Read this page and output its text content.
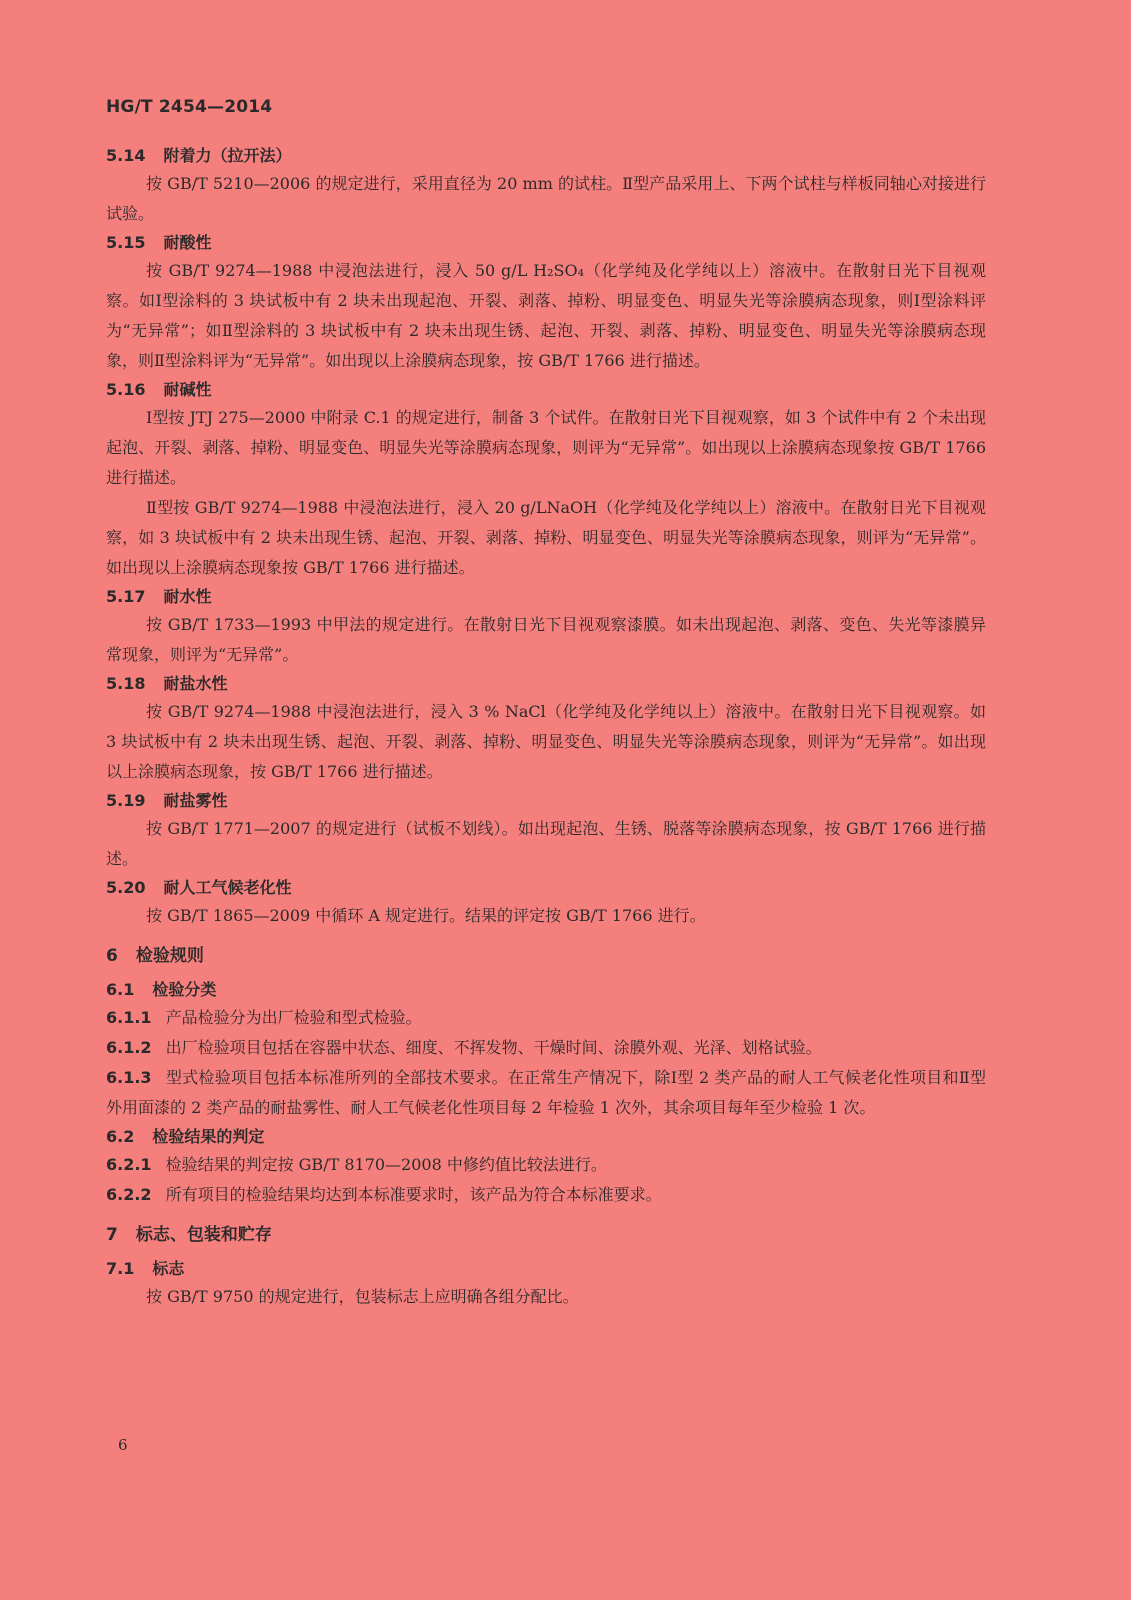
HG/T 2454—2014
5.14 附着力（拉开法）

按 GB/T 5210—2006 的规定进行，采用直径为 20 mm 的试柱。Ⅱ型产品采用上、下两个试柱与样板同轴心对接进行试验。

5.15 耐酸性

按 GB/T 9274—1988 中浸泡法进行，浸入 50 g/L H₂SO₄（化学纯及化学纯以上）溶液中。在散射日光下目视观察。如Ⅰ型涂料的 3 块试板中有 2 块未出现起泡、开裂、剥落、掉粉、明显变色、明显失光等涂膜病态现象，则Ⅰ型涂料评为“无异常”；如Ⅱ型涂料的 3 块试板中有 2 块未出现生锈、起泡、开裂、剥落、掉粉、明显变色、明显失光等涂膜病态现象，则Ⅱ型涂料评为“无异常”。如出现以上涂膜病态现象，按 GB/T 1766 进行描述。

5.16 耐碱性

Ⅰ型按 JTJ 275—2000 中附录 C.1 的规定进行，制备 3 个试件。在散射日光下目视观察，如 3 个试件中有 2 个未出现起泡、开裂、剥落、掉粉、明显变色、明显失光等涂膜病态现象，则评为“无异常”。如出现以上涂膜病态现象按 GB/T 1766 进行描述。

Ⅱ型按 GB/T 9274—1988 中浸泡法进行，浸入 20 g/LNaOH（化学纯及化学纯以上）溶液中。在散射日光下目视观察，如 3 块试板中有 2 块未出现生锈、起泡、开裂、剥落、掉粉、明显变色、明显失光等涂膜病态现象，则评为“无异常”。如出现以上涂膜病态现象按 GB/T 1766 进行描述。

5.17 耐水性

按 GB/T 1733—1993 中甲法的规定进行。在散射日光下目视观察漆膜。如未出现起泡、剥落、变色、失光等漆膜异常现象，则评为“无异常”。

5.18 耐盐水性

按 GB/T 9274—1988 中浸泡法进行，浸入 3 % NaCl（化学纯及化学纯以上）溶液中。在散射日光下目视观察。如 3 块试板中有 2 块未出现生锈、起泡、开裂、剥落、掉粉、明显变色、明显失光等涂膜病态现象，则评为“无异常”。如出现以上涂膜病态现象，按 GB/T 1766 进行描述。

5.19 耐盐雾性

按 GB/T 1771—2007 的规定进行（试板不划线）。如出现起泡、生锈、脱落等涂膜病态现象，按 GB/T 1766 进行描述。

5.20 耐人工气候老化性

按 GB/T 1865—2009 中循环 A 规定进行。结果的评定按 GB/T 1766 进行。

6 检验规则
6.1 检验分类

6.1.1 产品检验分为出厂检验和型式检验。

6.1.2 出厂检验项目包括在容器中状态、细度、不挥发物、干燥时间、涂膜外观、光泽、划格试验。

6.1.3 型式检验项目包括本标准所列的全部技术要求。在正常生产情况下，除Ⅰ型 2 类产品的耐人工气候老化性项目和Ⅱ型外用面漆的 2 类产品的耐盐雾性、耐人工气候老化性项目每 2 年检验 1 次外，其余项目每年至少检验 1 次。

6.2 检验结果的判定

6.2.1 检验结果的判定按 GB/T 8170—2008 中修约值比较法进行。

6.2.2 所有项目的检验结果均达到本标准要求时，该产品为符合本标准要求。

7 标志、包装和贮存
7.1 标志

按 GB/T 9750 的规定进行，包装标志上应明确各组分配比。

6
